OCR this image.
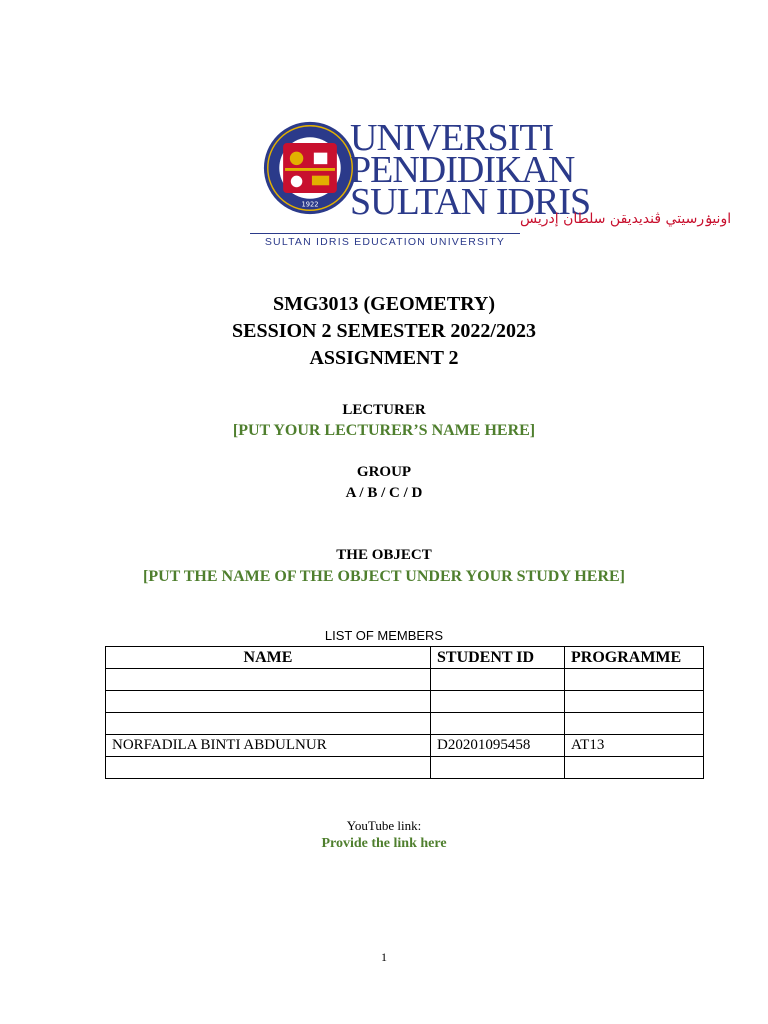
1922
UNIVERSITI
PENDIDIKAN
SULTAN IDRIS
اونيۏرسيتي ڤنديديقن سلطان إدريس
SULTAN IDRIS EDUCATION UNIVERSITY
SMG3013 (GEOMETRY)
SESSION 2 SEMESTER 2022/2023
ASSIGNMENT 2
LECTURER
[PUT YOUR LECTURER’S NAME HERE]
GROUP
A / B / C / D
THE OBJECT
[PUT THE NAME OF THE OBJECT UNDER YOUR STUDY HERE]
LIST OF MEMBERS
NAME	STUDENT ID	PROGRAMME

NORFADILA BINTI ABDULNUR	D20201095458	AT13

YouTube link:
Provide the link here
1
